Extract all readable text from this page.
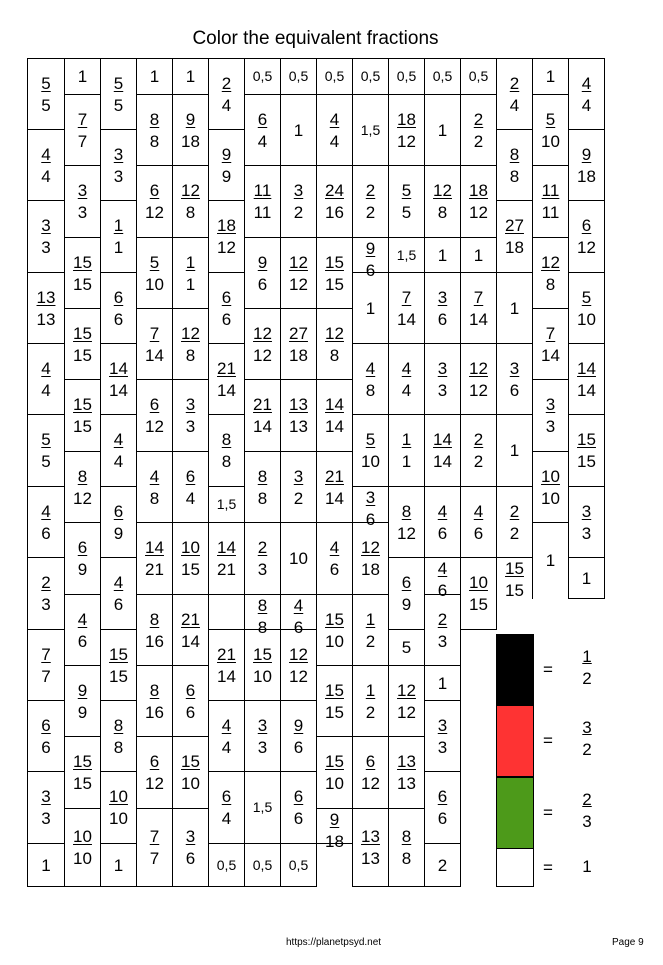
Color the equivalent fractions
$\frac{5}{5}$
$\frac{4}{4}$
$\frac{3}{3}$
$\frac{13}{13}$
$\frac{4}{4}$
$\frac{5}{5}$
$\frac{4}{6}$
$\frac{2}{3}$
$\frac{7}{7}$
$\frac{6}{6}$
$\frac{3}{3}$
1
1
$\frac{7}{7}$
$\frac{3}{3}$
$\frac{15}{15}$
$\frac{15}{15}$
$\frac{15}{15}$
$\frac{8}{12}$
$\frac{6}{9}$
$\frac{4}{6}$
$\frac{9}{9}$
$\frac{15}{15}$
$\frac{10}{10}$
$\frac{5}{5}$
$\frac{3}{3}$
$\frac{1}{1}$
$\frac{6}{6}$
$\frac{14}{14}$
$\frac{4}{4}$
$\frac{6}{9}$
$\frac{4}{6}$
$\frac{15}{15}$
$\frac{8}{8}$
$\frac{10}{10}$
1
1
$\frac{8}{8}$
$\frac{6}{12}$
$\frac{5}{10}$
$\frac{7}{14}$
$\frac{6}{12}$
$\frac{4}{8}$
$\frac{14}{21}$
$\frac{8}{16}$
$\frac{8}{16}$
$\frac{6}{12}$
$\frac{7}{7}$
1
$\frac{9}{18}$
$\frac{12}{8}$
$\frac{1}{1}$
$\frac{12}{8}$
$\frac{3}{3}$
$\frac{6}{4}$
$\frac{10}{15}$
$\frac{21}{14}$
$\frac{6}{6}$
$\frac{15}{10}$
$\frac{3}{6}$
$\frac{2}{4}$
$\frac{9}{9}$
$\frac{18}{12}$
$\frac{6}{6}$
$\frac{21}{14}$
$\frac{8}{8}$
1,5
$\frac{14}{21}$
$\frac{21}{14}$
$\frac{4}{4}$
$\frac{6}{4}$
0,5
0,5
$\frac{6}{4}$
$\frac{11}{11}$
$\frac{9}{6}$
$\frac{12}{12}$
$\frac{21}{14}$
$\frac{8}{8}$
$\frac{2}{3}$
$\frac{8}{8}$
$\frac{15}{10}$
$\frac{3}{3}$
1,5
0,5
0,5
1
$\frac{3}{2}$
$\frac{12}{12}$
$\frac{27}{18}$
$\frac{13}{13}$
$\frac{3}{2}$
10
$\frac{4}{6}$
$\frac{12}{12}$
$\frac{9}{6}$
$\frac{6}{6}$
0,5
0,5
$\frac{4}{4}$
$\frac{24}{16}$
$\frac{15}{15}$
$\frac{12}{8}$
$\frac{14}{14}$
$\frac{21}{14}$
$\frac{4}{6}$
$\frac{15}{10}$
$\frac{15}{15}$
$\frac{15}{10}$
$\frac{9}{18}$
0,5
1,5
$\frac{2}{2}$
$\frac{9}{6}$
1
$\frac{4}{8}$
$\frac{5}{10}$
$\frac{3}{6}$
$\frac{12}{18}$
$\frac{1}{2}$
$\frac{1}{2}$
$\frac{6}{12}$
$\frac{13}{13}$
0,5
$\frac{18}{12}$
$\frac{5}{5}$
1,5
$\frac{7}{14}$
$\frac{4}{4}$
$\frac{1}{1}$
$\frac{8}{12}$
$\frac{6}{9}$
5
$\frac{12}{12}$
$\frac{13}{13}$
$\frac{8}{8}$
0,5
1
$\frac{12}{8}$
1
$\frac{3}{6}$
$\frac{3}{3}$
$\frac{14}{14}$
$\frac{4}{6}$
$\frac{4}{6}$
$\frac{2}{3}$
1
$\frac{3}{3}$
$\frac{6}{6}$
2
0,5
$\frac{2}{2}$
$\frac{18}{12}$
1
$\frac{7}{14}$
$\frac{12}{12}$
$\frac{2}{2}$
$\frac{4}{6}$
$\frac{10}{15}$
$\frac{2}{4}$
$\frac{8}{8}$
$\frac{27}{18}$
1
$\frac{3}{6}$
1
$\frac{2}{2}$
$\frac{15}{15}$
1
$\frac{5}{10}$
$\frac{11}{11}$
$\frac{12}{8}$
$\frac{7}{14}$
$\frac{3}{3}$
$\frac{10}{10}$
1
$\frac{4}{4}$
$\frac{9}{18}$
$\frac{6}{12}$
$\frac{5}{10}$
$\frac{14}{14}$
$\frac{15}{15}$
$\frac{3}{3}$
1
=
1
2
=
3
2
=
2
3
= 1
https://planetpsyd.net	Page 9
